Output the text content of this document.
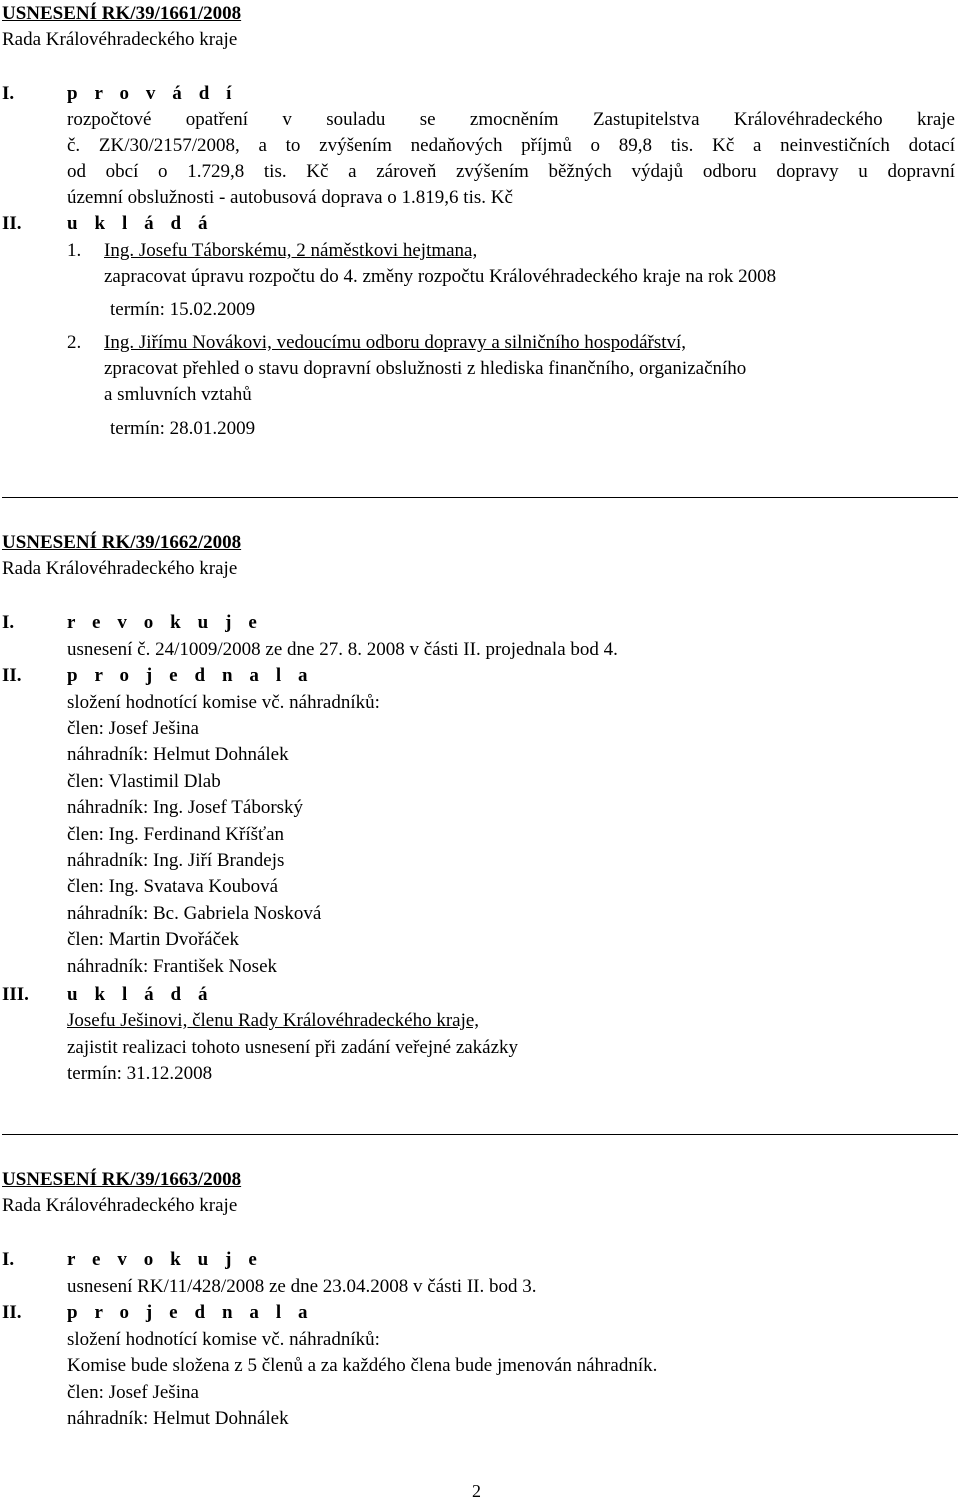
USNESENÍ RK/39/1661/2008
Rada Královéhradeckého kraje
I.	p r o v á d í
rozpočtové opatření v souladu se zmocněním Zastupitelstva Královéhradeckého kraje
č. ZK/30/2157/2008, a to zvýšením nedaňových příjmů o 89,8 tis. Kč a neinvestičních dotací
od obcí o 1.729,8 tis. Kč a zároveň zvýšením běžných výdajů odboru dopravy u dopravní
územní obslužnosti - autobusová doprava o 1.819,6 tis. Kč
II. u k l á d á
1. Ing. Josefu Táborskému, 2 náměstkovi hejtmana,
zapracovat úpravu rozpočtu do 4. změny rozpočtu Královéhradeckého kraje na rok 2008
termín: 15.02.2009
2. Ing. Jiřímu Novákovi, vedoucímu odboru dopravy a silničního hospodářství,
zpracovat přehled o stavu dopravní obslužnosti z hlediska finančního, organizačního
a smluvních vztahů
termín: 28.01.2009
USNESENÍ RK/39/1662/2008
Rada Královéhradeckého kraje
I.	r e v o k u j e
usnesení č. 24/1009/2008 ze dne 27. 8. 2008 v části II. projednala bod 4.
II. p r o j e d n a l a
složení hodnotící komise vč. náhradníků:
člen: Josef Ješina
náhradník: Helmut Dohnálek
člen: Vlastimil Dlab
náhradník: Ing. Josef Táborský
člen: Ing. Ferdinand Kříšťan
náhradník: Ing. Jiří Brandejs
člen: Ing. Svatava Koubová
náhradník: Bc. Gabriela Nosková
člen: Martin Dvořáček
náhradník: František Nosek
III. u k l á d á
Josefu Ješinovi, členu Rady Královéhradeckého kraje,
zajistit realizaci tohoto usnesení při zadání veřejné zakázky
termín: 31.12.2008
USNESENÍ RK/39/1663/2008
Rada Královéhradeckého kraje
I.	r e v o k u j e
usnesení RK/11/428/2008 ze dne 23.04.2008 v části II. bod 3.
II. p r o j e d n a l a
složení hodnotící komise vč. náhradníků:
Komise bude složena z 5 členů a za každého člena bude jmenován náhradník.
člen: Josef Ješina
náhradník: Helmut Dohnálek
2
